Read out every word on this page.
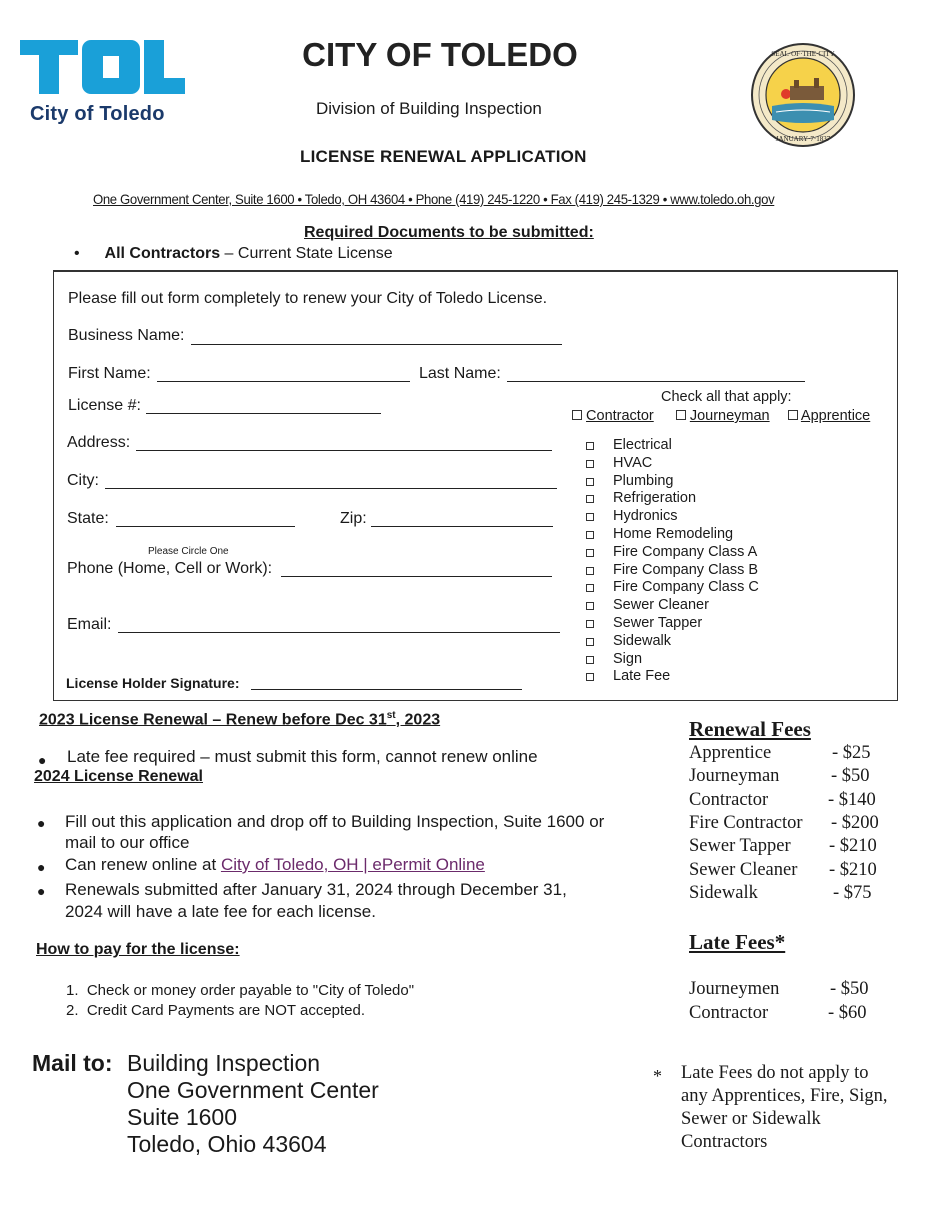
City of Toledo
CITY OF TOLEDO
Division of Building Inspection
LICENSE RENEWAL APPLICATION
SEAL·OF·THE·CITY
JANUARY·7·1837
One Government Center, Suite 1600 • Toledo, OH 43604 • Phone (419) 245-1220 • Fax (419) 245-1329 • www.toledo.oh.gov
Required Documents to be submitted:
• All Contractors – Current State License
Please fill out form completely to renew your City of Toledo License.
Business Name:
First Name:	Last Name:
License #:	Check all that apply:
Contractor Journeyman Apprentice
Address:
City:
State:	Zip:
Please Circle One
Phone (Home, Cell or Work):
Email:
License Holder Signature:
Electrical
HVAC
Plumbing
Refrigeration
Hydronics
Home Remodeling
Fire Company Class A
Fire Company Class B
Fire Company Class C
Sewer Cleaner
Sewer Tapper
Sidewalk
Sign
Late Fee
2023 License Renewal – Renew before Dec 31st, 2023
● Late fee required – must submit this form, cannot renew online
2024 License Renewal
● Fill out this application and drop off to Building Inspection, Suite 1600 or mail to our office
● Can renew online at City of Toledo, OH | ePermit Online
● Renewals submitted after January 31, 2024 through December 31, 2024 will have a late fee for each license.
How to pay for the license:
1.  Check or money order payable to "City of Toledo"
2.  Credit Card Payments are NOT accepted.
Mail to: Building Inspection
One Government Center
Suite 1600
Toledo, Ohio 43604
Renewal Fees
Apprentice	- $25
Journeyman	- $50
Contractor	- $140
Fire Contractor - $200
Sewer Tapper - $210
Sewer Cleaner - $210
Sidewalk	- $75
Late Fees*
Journeymen	- $50
Contractor	- $60
* Late Fees do not apply to any Apprentices, Fire, Sign, Sewer or Sidewalk Contractors
